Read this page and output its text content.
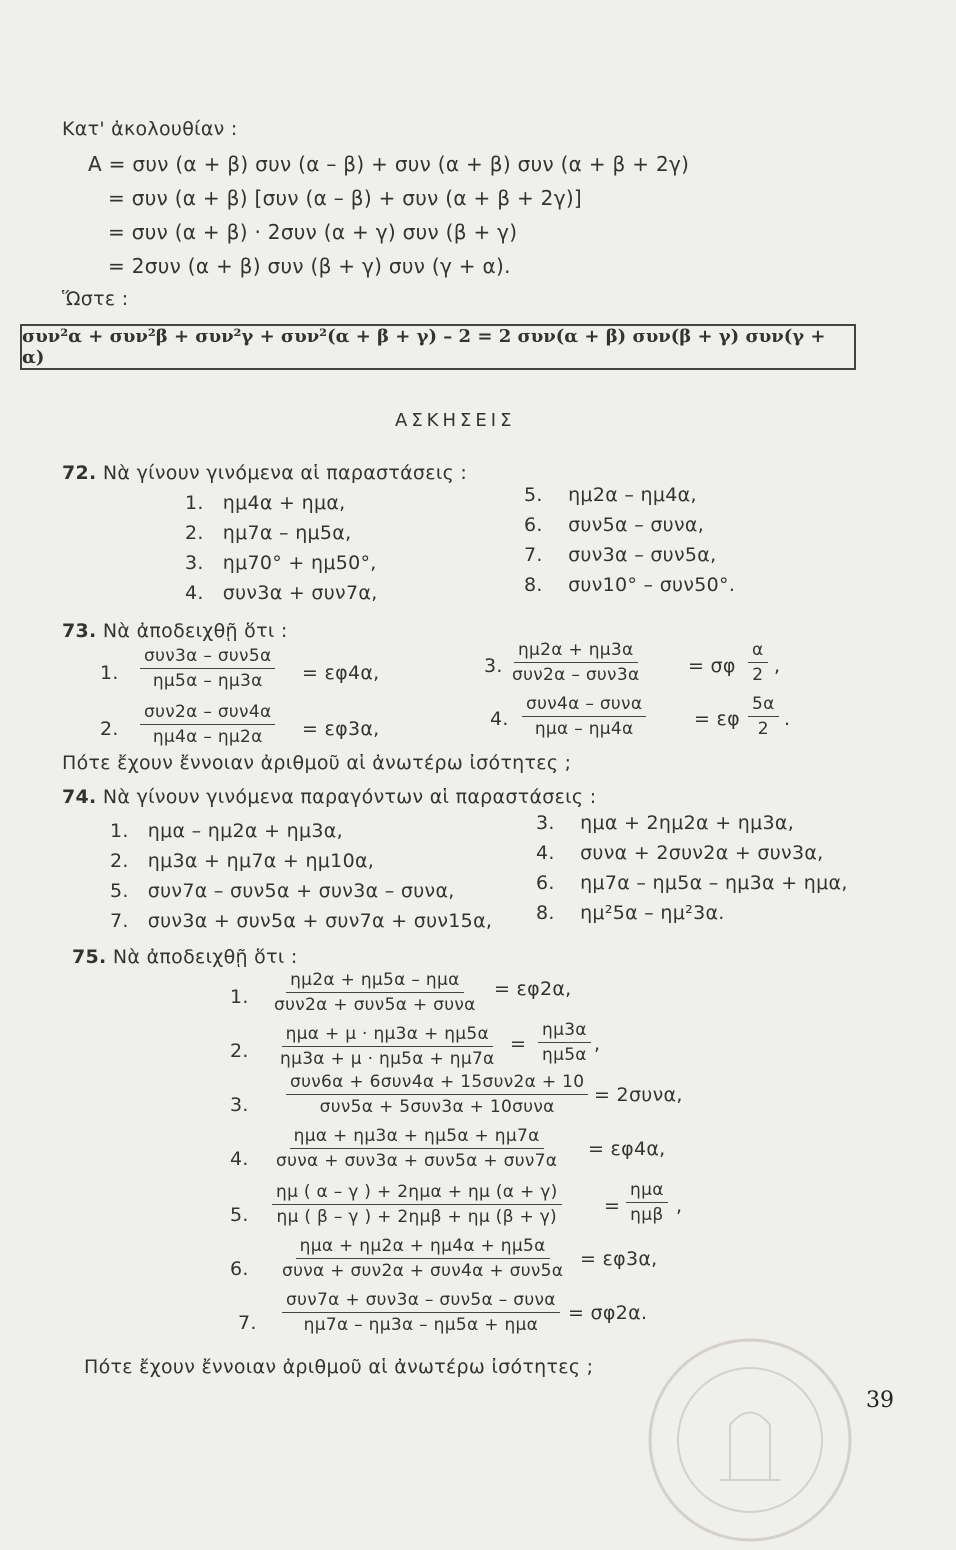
Κατ' ἀκολουθίαν :
A = συν (α + β) συν (α – β) + συν (α + β) συν (α + β + 2γ)
= συν (α + β) [συν (α – β) + συν (α + β + 2γ)]
= συν (α + β) · 2συν (α + γ) συν (β + γ)
= 2συν (α + β) συν (β + γ) συν (γ + α).
Ὥστε :
συν²α + συν²β + συν²γ + συν²(α + β + γ) – 2 = 2 συν(α + β) συν(β + γ) συν(γ + α)
ΑΣΚΗΣΕΙΣ
72. Νὰ γίνουν γινόμενα αἱ παραστάσεις :
1. ημ4α + ημα,
2. ημ7α – ημ5α,
3. ημ70° + ημ50°,
4. συν3α + συν7α,
5. ημ2α – ημ4α,
6. συν5α – συνα,
7. συν3α – συν5α,
8. συν10° – συν50°.
73. Νὰ ἀποδειχθῇ ὅτι :
1.
συν3α – συν5α
ημ5α – ημ3α = εφ4α,
2.
συν2α – συν4α
ημ4α – ημ2α = εφ3α,
3.
ημ2α + ημ3α
συν2α – συν3α	= σφ $\frac{\alpha}{2}$ ,
4.
συν4α – συνα
ημα – ημ4α	= εφ $\frac{5\alpha}{2}$ .
Πότε ἔχουν ἔννοιαν ἀριθμοῦ αἱ ἀνωτέρω ἰσότητες ;
74. Νὰ γίνουν γινόμενα παραγόντων αἱ παραστάσεις :
1. ημα – ημ2α + ημ3α,
2. ημ3α + ημ7α + ημ10α,
5. συν7α – συν5α + συν3α – συνα,
7. συν3α + συν5α + συν7α + συν15α,
3. ημα + 2ημ2α + ημ3α,
4. συνα + 2συν2α + συν3α,
6. ημ7α – ημ5α – ημ3α + ημα,
8. ημ²5α – ημ²3α.
75. Νὰ ἀποδειχθῇ ὅτι :
1.
ημ2α + ημ5α – ημα
συν2α + συν5α + συνα
= εφ2α,
2.
ημα + μ · ημ3α + ημ5α
ημ3α + μ · ημ5α + ημ7α
= $\frac{\eta\mu 3\alpha}{\eta\mu 5\alpha}$ ,
3.
συν6α + 6συν4α + 15συν2α + 10
συν5α + 5συν3α + 10συνα
= 2συνα,
4.
ημα + ημ3α + ημ5α + ημ7α
συνα + συν3α + συν5α + συν7α
= εφ4α,
5.
ημ ( α – γ ) + 2ημα + ημ (α + γ)
ημ ( β – γ ) + 2ημβ + ημ (β + γ) =
ημα
ημβ ,
6.
ημα + ημ2α + ημ4α + ημ5α
συνα + συν2α + συν4α + συν5α
= εφ3α,
7.
συν7α + συν3α – συν5α – συνα
ημ7α – ημ3α – ημ5α + ημα
= σφ2α.
Πότε ἔχουν ἔννοιαν ἀριθμοῦ αἱ ἀνωτέρω ἰσότητες ;
39
